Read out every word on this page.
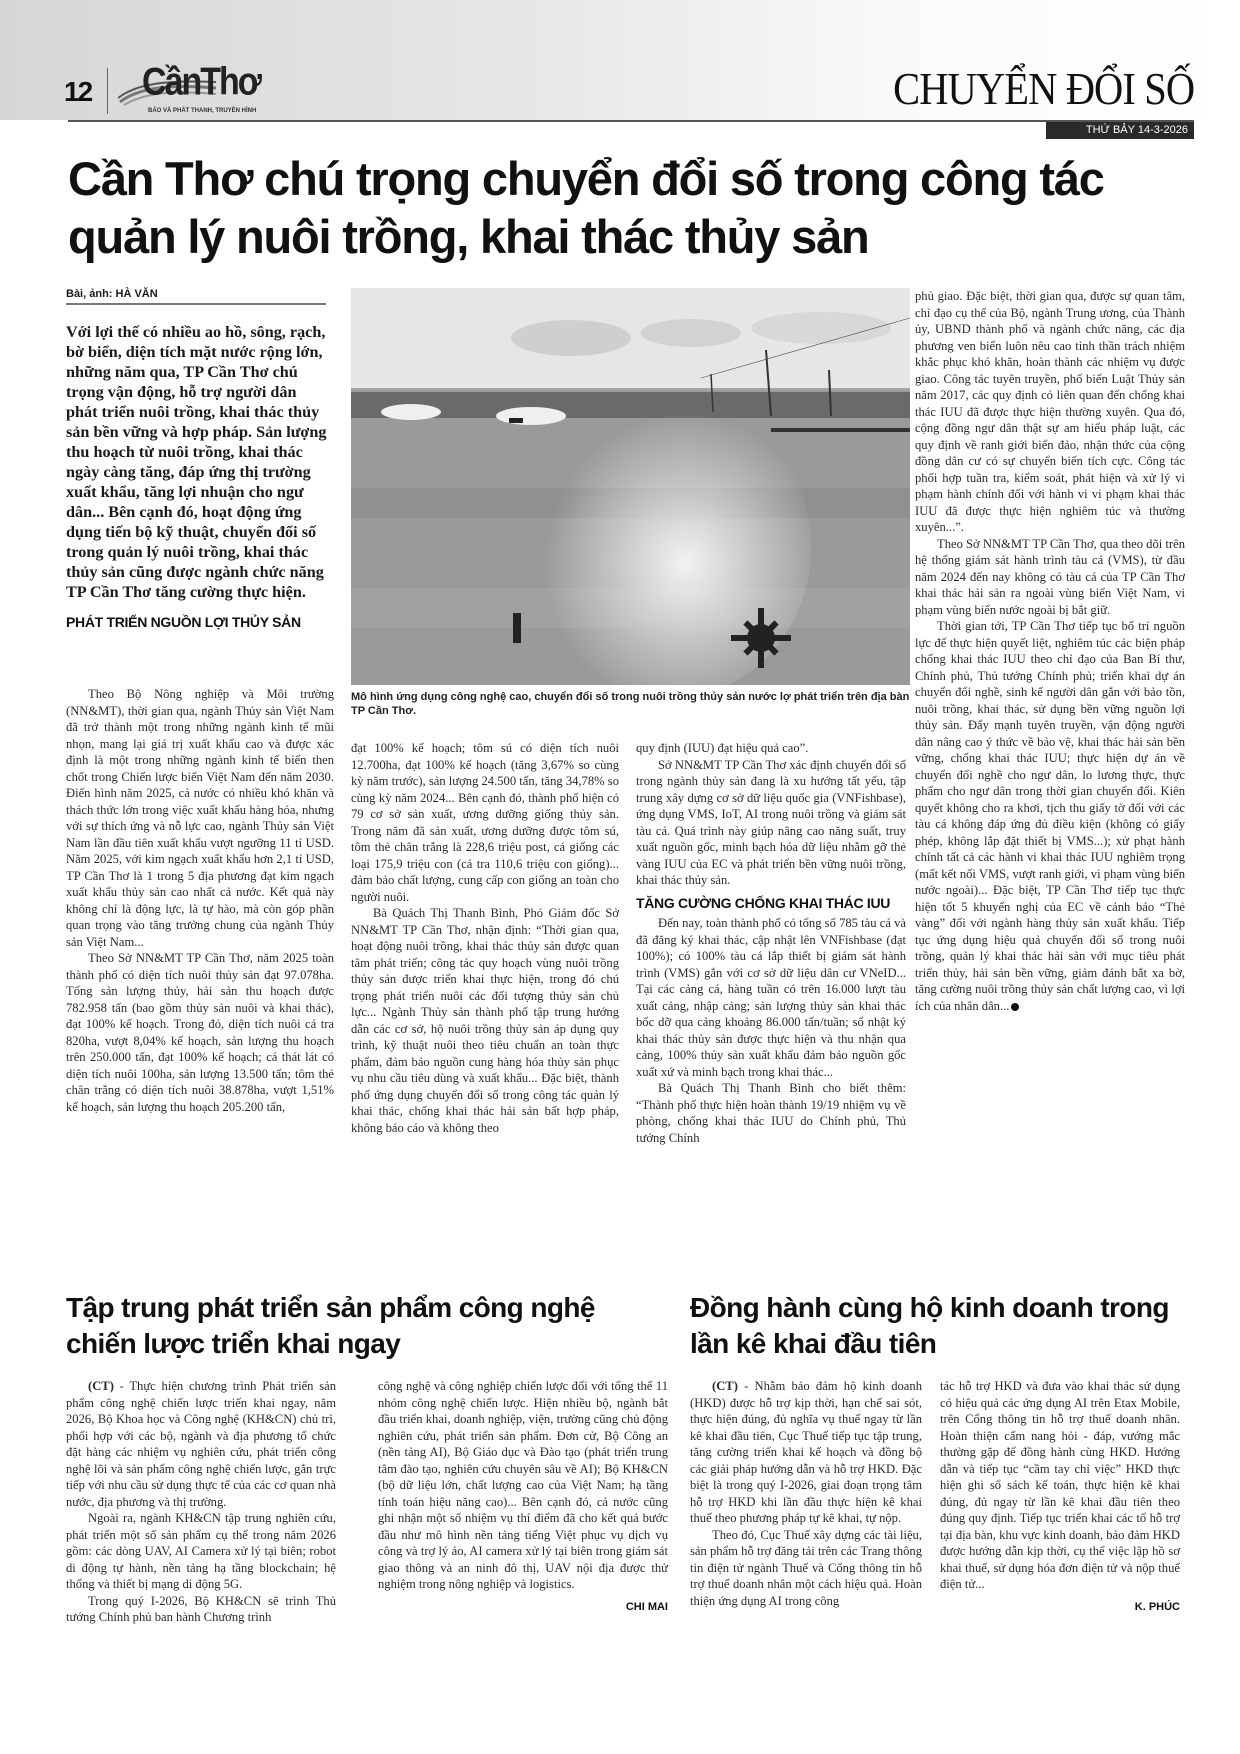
12 CầnThơ
BÁO VÀ PHÁT THANH, TRUYỀN HÌNH	CHUYỂN ĐỔI SỐ
THỨ BẢY 14-3-2026
Cần Thơ chú trọng chuyển đổi số trong công tác quản lý nuôi trồng, khai thác thủy sản
Bài, ảnh: HÀ VĂN
Với lợi thế có nhiều ao hồ, sông, rạch, bờ biển, diện tích mặt nước rộng lớn, những năm qua, TP Cần Thơ chú trọng vận động, hỗ trợ người dân phát triển nuôi trồng, khai thác thủy sản bền vững và hợp pháp. Sản lượng thu hoạch từ nuôi trồng, khai thác ngày càng tăng, đáp ứng thị trường xuất khẩu, tăng lợi nhuận cho ngư dân... Bên cạnh đó, hoạt động ứng dụng tiến bộ kỹ thuật, chuyển đổi số trong quản lý nuôi trồng, khai thác thủy sản cũng được ngành chức năng TP Cần Thơ tăng cường thực hiện.
PHÁT TRIỂN NGUỒN LỢI THỦY SẢN

Theo Bộ Nông nghiệp và Môi trường (NN&MT), thời gian qua, ngành Thủy sản Việt Nam đã trở thành một trong những ngành kinh tế mũi nhọn, mang lại giá trị xuất khẩu cao và được xác định là một trong những ngành kinh tế biển then chốt trong Chiến lược biển Việt Nam đến năm 2030. Điển hình năm 2025, cả nước có nhiều khó khăn và thách thức lớn trong việc xuất khẩu hàng hóa, nhưng với sự thích ứng và nỗ lực cao, ngành Thủy sản Việt Nam lần đầu tiên xuất khẩu vượt ngưỡng 11 tỉ USD. Năm 2025, với kim ngạch xuất khẩu hơn 2,1 tỉ USD, TP Cần Thơ là 1 trong 5 địa phương đạt kim ngạch xuất khẩu thủy sản cao nhất cả nước. Kết quả này không chỉ là động lực, là tự hào, mà còn góp phần quan trọng vào tăng trưởng chung của ngành Thủy sản Việt Nam...

Theo Sở NN&MT TP Cần Thơ, năm 2025 toàn thành phố có diện tích nuôi thủy sản đạt 97.078ha. Tổng sản lượng thủy, hải sản thu hoạch được 782.958 tấn (bao gồm thủy sản nuôi và khai thác), đạt 100% kế hoạch. Trong đó, diện tích nuôi cá tra 820ha, vượt 8,04% kế hoạch, sản lượng thu hoạch trên 250.000 tấn, đạt 100% kế hoạch; cá thát lát có diện tích nuôi 100ha, sản lượng 13.500 tấn; tôm thẻ chân trắng có diện tích nuôi 38.878ha, vượt 1,51% kế hoạch, sản lượng thu hoạch 205.200 tấn,

Mô hình ứng dụng công nghệ cao, chuyển đổi số trong nuôi trồng thủy sản nước lợ phát triển trên địa bàn TP Cần Thơ.

đạt 100% kế hoạch; tôm sú có diện tích nuôi 12.700ha, đạt 100% kế hoạch (tăng 3,67% so cùng kỳ năm trước), sản lượng 24.500 tấn, tăng 34,78% so cùng kỳ năm 2024... Bên cạnh đó, thành phố hiện có 79 cơ sở sản xuất, ương dưỡng giống thủy sản. Trong năm đã sản xuất, ương dưỡng được tôm sú, tôm thẻ chân trắng là 228,6 triệu post, cá giống các loại 175,9 triệu con (cá tra 110,6 triệu con giống)... đảm bảo chất lượng, cung cấp con giống an toàn cho người nuôi.

Bà Quách Thị Thanh Bình, Phó Giám đốc Sở NN&MT TP Cần Thơ, nhận định: “Thời gian qua, hoạt động nuôi trồng, khai thác thủy sản được quan tâm phát triển; công tác quy hoạch vùng nuôi trồng thủy sản được triển khai thực hiện, trong đó chú trọng phát triển nuôi các đối tượng thủy sản chủ lực... Ngành Thủy sản thành phố tập trung hướng dẫn các cơ sở, hộ nuôi trồng thủy sản áp dụng quy trình, kỹ thuật nuôi theo tiêu chuẩn an toàn thực phẩm, đảm bảo nguồn cung hàng hóa thủy sản phục vụ nhu cầu tiêu dùng và xuất khẩu... Đặc biệt, thành phố ứng dụng chuyển đổi số trong công tác quản lý khai thác, chống khai thác hải sản bất hợp pháp, không báo cáo và không theo

quy định (IUU) đạt hiệu quả cao”.

Sở NN&MT TP Cần Thơ xác định chuyển đổi số trong ngành thủy sản đang là xu hướng tất yếu, tập trung xây dựng cơ sở dữ liệu quốc gia (VNFishbase), ứng dụng VMS, IoT, AI trong nuôi trồng và giám sát tàu cá. Quá trình này giúp nâng cao năng suất, truy xuất nguồn gốc, minh bạch hóa dữ liệu nhằm gỡ thẻ vàng IUU của EC và phát triển bền vững nuôi trồng, khai thác thủy sản.

TĂNG CƯỜNG CHỐNG KHAI THÁC IUU

Đến nay, toàn thành phố có tổng số 785 tàu cá và đã đăng ký khai thác, cập nhật lên VNFishbase (đạt 100%); có 100% tàu cá lắp thiết bị giám sát hành trình (VMS) gắn với cơ sở dữ liệu dân cư VNeID... Tại các cảng cá, hàng tuần có trên 16.000 lượt tàu xuất cảng, nhập cảng; sản lượng thủy sản khai thác bốc dỡ qua cảng khoảng 86.000 tấn/tuần; sổ nhật ký khai thác thủy sản được thực hiện và thu nhận qua cảng, 100% thủy sản xuất khẩu đảm bảo nguồn gốc xuất xứ và minh bạch trong khai thác...

Bà Quách Thị Thanh Bình cho biết thêm: “Thành phố thực hiện hoàn thành 19/19 nhiệm vụ về phòng, chống khai thác IUU do Chính phủ, Thủ tướng Chính

phủ giao. Đặc biệt, thời gian qua, được sự quan tâm, chỉ đạo cụ thể của Bộ, ngành Trung ương, của Thành ủy, UBND thành phố và ngành chức năng, các địa phương ven biển luôn nêu cao tinh thần trách nhiệm khắc phục khó khăn, hoàn thành các nhiệm vụ được giao. Công tác tuyên truyền, phổ biến Luật Thủy sản năm 2017, các quy định có liên quan đến chống khai thác IUU đã được thực hiện thường xuyên. Qua đó, cộng đồng ngư dân thật sự am hiểu pháp luật, các quy định về ranh giới biển đảo, nhận thức của cộng đồng dân cư có sự chuyển biến tích cực. Công tác phối hợp tuần tra, kiểm soát, phát hiện và xử lý vi phạm hành chính đối với hành vi vi phạm khai thác IUU đã được thực hiện nghiêm túc và thường xuyên...”.

Theo Sở NN&MT TP Cần Thơ, qua theo dõi trên hệ thống giám sát hành trình tàu cá (VMS), từ đầu năm 2024 đến nay không có tàu cá của TP Cần Thơ khai thác hải sản ra ngoài vùng biển Việt Nam, vi phạm vùng biển nước ngoài bị bắt giữ.

Thời gian tới, TP Cần Thơ tiếp tục bố trí nguồn lực để thực hiện quyết liệt, nghiêm túc các biện pháp chống khai thác IUU theo chỉ đạo của Ban Bí thư, Chính phủ, Thủ tướng Chính phủ; triển khai dự án chuyển đổi nghề, sinh kế người dân gắn với bảo tồn, nuôi trồng, khai thác, sử dụng bền vững nguồn lợi thủy sản. Đẩy mạnh tuyên truyền, vận động người dân nâng cao ý thức về bảo vệ, khai thác hải sản bền vững, chống khai thác IUU; thực hiện dự án về chuyển đổi nghề cho ngư dân, lo lương thực, thực phẩm cho ngư dân trong thời gian chuyển đổi. Kiên quyết không cho ra khơi, tịch thu giấy tờ đối với các tàu cá không đáp ứng đủ điều kiện (không có giấy phép, không lắp đặt thiết bị VMS...); xử phạt hành chính tất cả các hành vi khai thác IUU nghiêm trọng (mất kết nối VMS, vượt ranh giới, vi phạm vùng biển nước ngoài)... Đặc biệt, TP Cần Thơ tiếp tục thực hiện tốt 5 khuyến nghị của EC về cảnh báo “Thẻ vàng” đối với ngành hàng thủy sản xuất khẩu. Tiếp tục ứng dụng hiệu quả chuyển đổi số trong nuôi trồng, quản lý khai thác hải sản với mục tiêu phát triển thủy, hải sản bền vững, giảm đánh bắt xa bờ, tăng cường nuôi trồng thủy sản chất lượng cao, vì lợi ích của nhân dân...

Tập trung phát triển sản phẩm công nghệ chiến lược triển khai ngay

(CT) - Thực hiện chương trình Phát triển sản phẩm công nghệ chiến lược triển khai ngay, năm 2026, Bộ Khoa học và Công nghệ (KH&CN) chủ trì, phối hợp với các bộ, ngành và địa phương tổ chức đặt hàng các nhiệm vụ nghiên cứu, phát triển công nghệ lõi và sản phẩm công nghệ chiến lược, gắn trực tiếp với nhu cầu sử dụng thực tế của các cơ quan nhà nước, địa phương và thị trường.

Ngoài ra, ngành KH&CN tập trung nghiên cứu, phát triển một số sản phẩm cụ thể trong năm 2026 gồm: các dòng UAV, AI Camera xử lý tại biên; robot di động tự hành, nền tảng hạ tầng blockchain; hệ thống và thiết bị mạng di động 5G.

Trong quý I-2026, Bộ KH&CN sẽ trình Thủ tướng Chính phủ ban hành Chương trình

công nghệ và công nghiệp chiến lược đối với tổng thể 11 nhóm công nghệ chiến lược. Hiện nhiều bộ, ngành bắt đầu triển khai, doanh nghiệp, viện, trường cũng chủ động nghiên cứu, phát triển sản phẩm. Đơn cử, Bộ Công an (nền tảng AI), Bộ Giáo dục và Đào tạo (phát triển trung tâm đào tạo, nghiên cứu chuyên sâu về AI); Bộ KH&CN (bộ dữ liệu lớn, chất lượng cao của Việt Nam; hạ tầng tính toán hiệu năng cao)... Bên cạnh đó, cả nước cũng ghi nhận một số nhiệm vụ thí điểm đã cho kết quả bước đầu như mô hình nền tảng tiếng Việt phục vụ dịch vụ công và trợ lý ảo, AI camera xử lý tại biên trong giám sát giao thông và an ninh đô thị, UAV nội địa được thử nghiệm trong nông nghiệp và logistics.

CHI MAI
Đồng hành cùng hộ kinh doanh trong lần kê khai đầu tiên

(CT) - Nhằm bảo đảm hộ kinh doanh (HKD) được hỗ trợ kịp thời, hạn chế sai sót, thực hiện đúng, đủ nghĩa vụ thuế ngay từ lần kê khai đầu tiên, Cục Thuế tiếp tục tập trung, tăng cường triển khai kế hoạch và đồng bộ các giải pháp hướng dẫn và hỗ trợ HKD. Đặc biệt là trong quý I-2026, giai đoạn trọng tâm hỗ trợ HKD khi lần đầu thực hiện kê khai thuế theo phương pháp tự kê khai, tự nộp.

Theo đó, Cục Thuế xây dựng các tài liệu, sản phẩm hỗ trợ đăng tải trên các Trang thông tin điện tử ngành Thuế và Cổng thông tin hỗ trợ thuế doanh nhân một cách hiệu quả. Hoàn thiện ứng dụng AI trong công

tác hỗ trợ HKD và đưa vào khai thác sử dụng có hiệu quả các ứng dụng AI trên Etax Mobile, trên Cổng thông tin hỗ trợ thuế doanh nhân. Hoàn thiện cẩm nang hỏi - đáp, vướng mắc thường gặp để đồng hành cùng HKD. Hướng dẫn và tiếp tục “cầm tay chỉ việc” HKD thực hiện ghi sổ sách kế toán, thực hiện kê khai đúng, đủ ngay từ lần kê khai đầu tiên theo đúng quy định. Tiếp tục triển khai các tổ hỗ trợ tại địa bàn, khu vực kinh doanh, bảo đảm HKD được hướng dẫn kịp thời, cụ thể việc lập hồ sơ khai thuế, sử dụng hóa đơn điện tử và nộp thuế điện tử...

K. PHÚC
